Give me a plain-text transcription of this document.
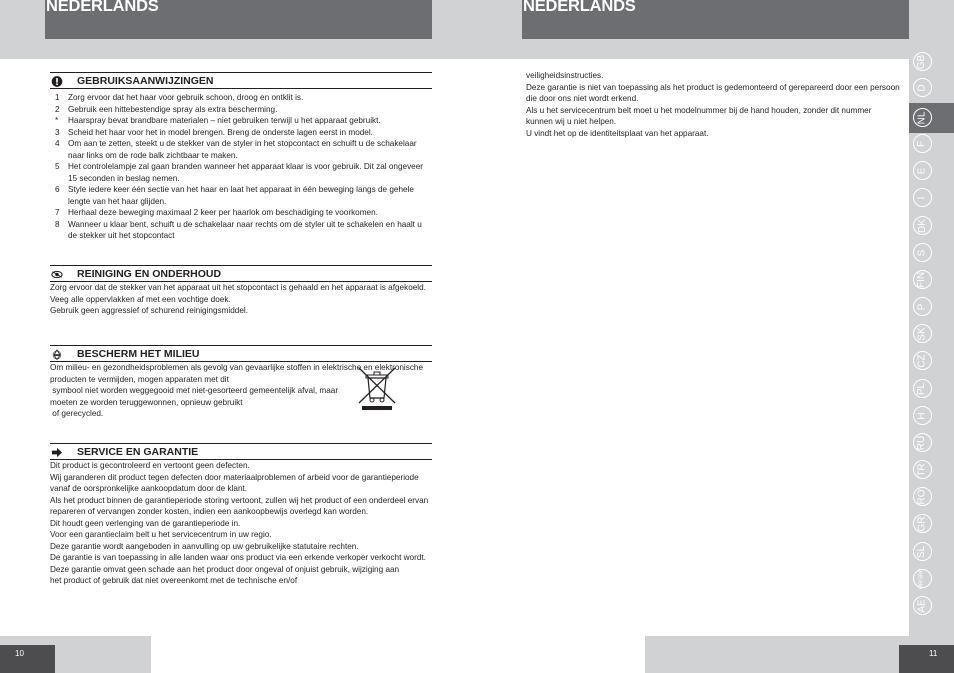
NEDERLANDS	NEDERLANDS
GB
D
NL
F
E
I
DK
S
FIN
P
SK
CZ
PL
H
RU
TR
RO
GR
SL
HR/SRB
AE
GEBRUIKSAANWIJZINGEN
1	Zorg ervoor dat het haar voor gebruik schoon, droog en ontklit is.
2	Gebruik een hittebestendige spray als extra bescherming.
*	Haarspray bevat brandbare materialen – niet gebruiken terwijl u het apparaat gebruikt.
3	Scheid het haar voor het in model brengen. Breng de onderste lagen eerst in model.
4	Om aan te zetten, steekt u de stekker van de styler in het stopcontact en schuift u de schakelaar naar links om de rode balk zichtbaar te maken.
5	Het controlelampje zal gaan branden wanneer het apparaat klaar is voor gebruik. Dit zal ongeveer 15 seconden in beslag nemen.
6	Style iedere keer één sectie van het haar en laat het apparaat in één beweging langs de gehele lengte van het haar glijden.
7	Herhaal deze beweging maximaal 2 keer per haarlok om beschadiging te voorkomen.
8	Wanneer u klaar bent, schuift u de schakelaar naar rechts om de styler uit te schakelen en haalt u de stekker uit het stopcontact
REINIGING EN ONDERHOUD

Zorg ervoor dat de stekker van het apparaat uit het stopcontact is gehaald en het apparaat is afgekoeld.

Veeg alle oppervlakken af met een vochtige doek.

Gebruik geen aggressief of schurend reinigingsmiddel.

BESCHERM HET MILIEU

Om milieu- en gezondheidsproblemen als gevolg van gevaarlijke stoffen in elektrische en elektronische producten te vermijden, mogen apparaten met dit

symbool niet worden weggegooid met niet-gesorteerd gemeentelijk afval, maar moeten ze worden teruggewonnen, opnieuw gebruikt

of gerecycled.

SERVICE EN GARANTIE

Dit product is gecontroleerd en vertoont geen defecten.

Wij garanderen dit product tegen defecten door materiaalproblemen of arbeid voor de garantieperiode vanaf de oorspronkelijke aankoopdatum door de klant.

Als het product binnen de garantieperiode storing vertoont, zullen wij het product of een onderdeel ervan repareren of vervangen zonder kosten, indien een aankoopbewijs overlegd kan worden.

Dit houdt geen verlenging van de garantieperiode in.

Voor een garantieclaim belt u het servicecentrum in uw regio.

Deze garantie wordt aangeboden in aanvulling op uw gebruikelijke statutaire rechten.

De garantie is van toepassing in alle landen waar ons product via een erkende verkoper verkocht wordt.

Deze garantie omvat geen schade aan het product door ongeval of onjuist gebruik, wijziging aan het product of gebruik dat niet overeenkomt met de technische en/of

veiligheidsinstructies.

Deze garantie is niet van toepassing als het product is gedemonteerd of gerepareerd door een persoon die door ons niet wordt erkend.

Als u het servicecentrum belt moet u het modelnummer bij de hand houden, zonder dit nummer kunnen wij u niet helpen.

U vindt het op de identiteitsplaat van het apparaat.

10	11
